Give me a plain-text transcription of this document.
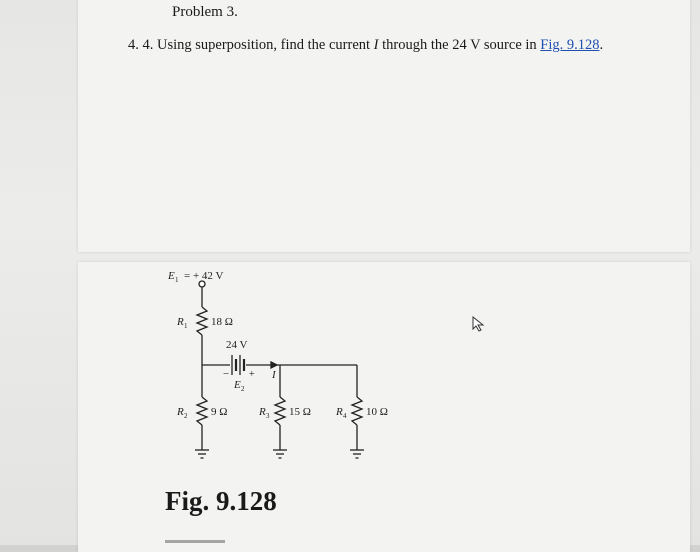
Problem 3.
4. 4. Using superposition, find the current I through the 24 V source in Fig. 9.128.
E 1 = + 42 V
R 1 18 Ω
24 V
− +
E 2
I
R 2 9 Ω	R 3 15 Ω R 4 10 Ω
Fig. 9.128
